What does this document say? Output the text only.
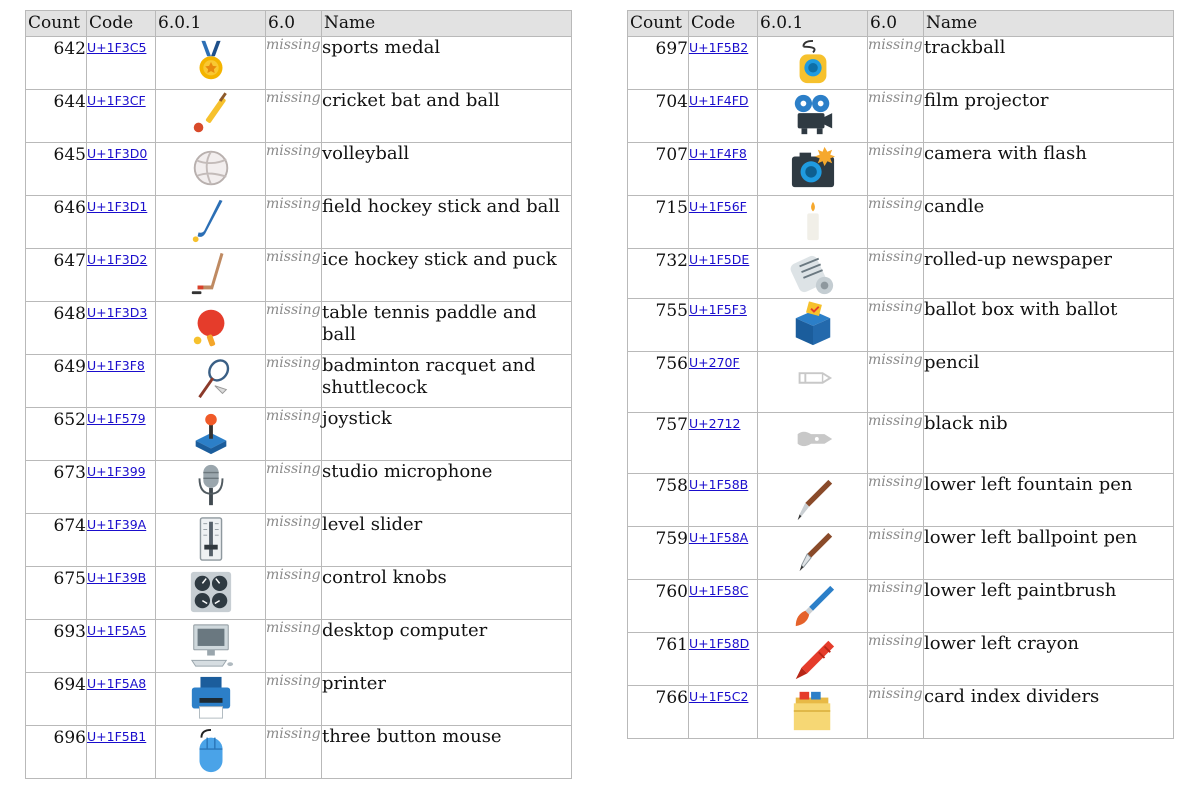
Count	Code	6.0.1	6.0	Name
642	U+1F3C5		missing	sports medal
644	U+1F3CF		missing	cricket bat and ball
645	U+1F3D0		missing	volleyball
646	U+1F3D1		missing	field hockey stick and ball
647	U+1F3D2		missing	ice hockey stick and puck
648	U+1F3D3		missing	table tennis paddle and ball
649	U+1F3F8		missing	badminton racquet and shuttlecock
652	U+1F579		missing	joystick
673	U+1F399		missing	studio microphone
674	U+1F39A		missing	level slider
675	U+1F39B		missing	control knobs
693	U+1F5A5		missing	desktop computer
694	U+1F5A8		missing	printer
696	U+1F5B1		missing	three button mouse
Count	Code	6.0.1	6.0	Name
697	U+1F5B2		missing	trackball
704	U+1F4FD		missing	film projector
707	U+1F4F8		missing	camera with flash
715	U+1F56F		missing	candle
732	U+1F5DE		missing	rolled-up newspaper
755	U+1F5F3		missing	ballot box with ballot
756	U+270F		missing	pencil
757	U+2712		missing	black nib
758	U+1F58B		missing	lower left fountain pen
759	U+1F58A		missing	lower left ballpoint pen
760	U+1F58C		missing	lower left paintbrush
761	U+1F58D		missing	lower left crayon
766	U+1F5C2		missing	card index dividers
